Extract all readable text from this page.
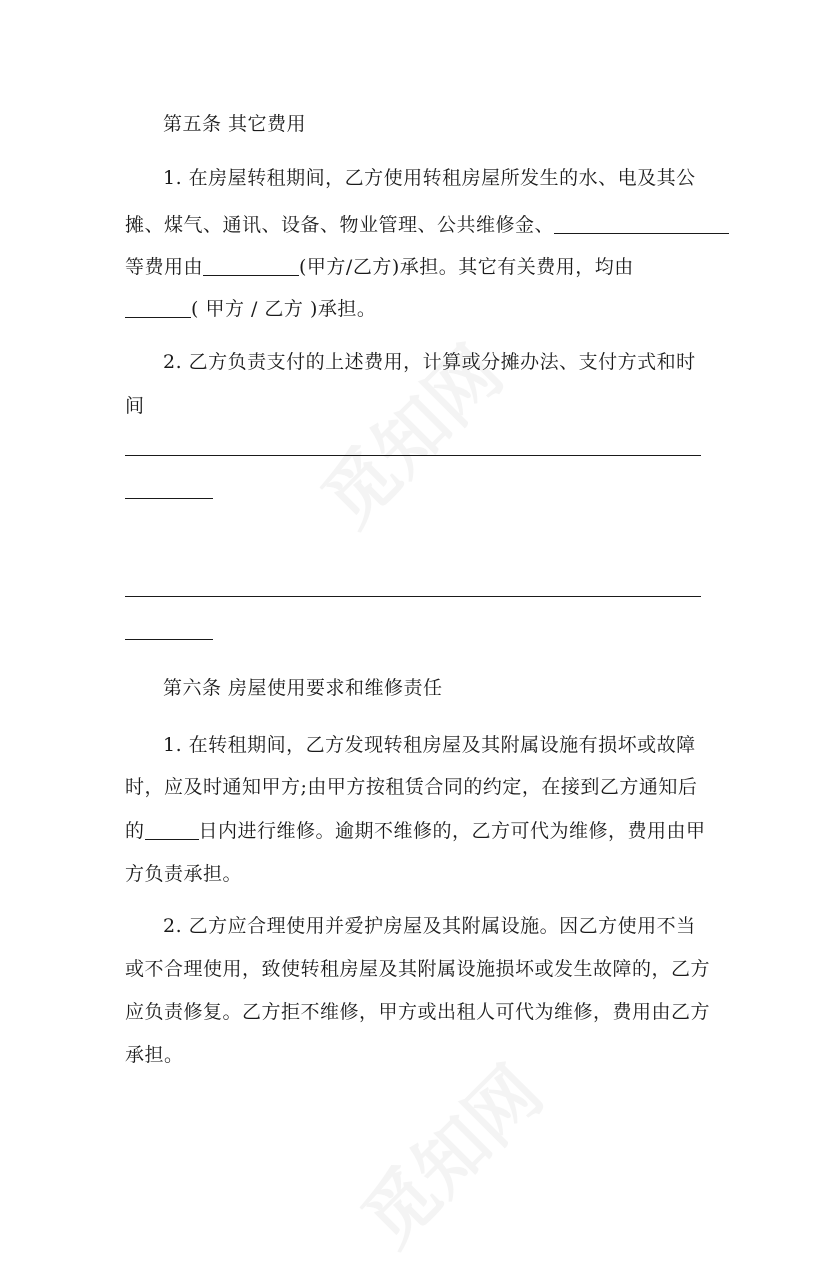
第五条 其它费用
1. 在房屋转租期间，乙方使用转租房屋所发生的水、电及其公
摊、煤气、通讯、设备、物业管理、公共维修金、
等费用由	(甲方/乙方)承担。其它有关费用，均由
( 甲方 / 乙方 )承担。
2. 乙方负责支付的上述费用，计算或分摊办法、支付方式和时
间
第六条 房屋使用要求和维修责任
1. 在转租期间，乙方发现转租房屋及其附属设施有损坏或故障
时，应及时通知甲方;由甲方按租赁合同的约定，在接到乙方通知后
的	日内进行维修。逾期不维修的，乙方可代为维修，费用由甲
方负责承担。
2. 乙方应合理使用并爱护房屋及其附属设施。因乙方使用不当
或不合理使用，致使转租房屋及其附属设施损坏或发生故障的，乙方
应负责修复。乙方拒不维修，甲方或出租人可代为维修，费用由乙方
承担。
